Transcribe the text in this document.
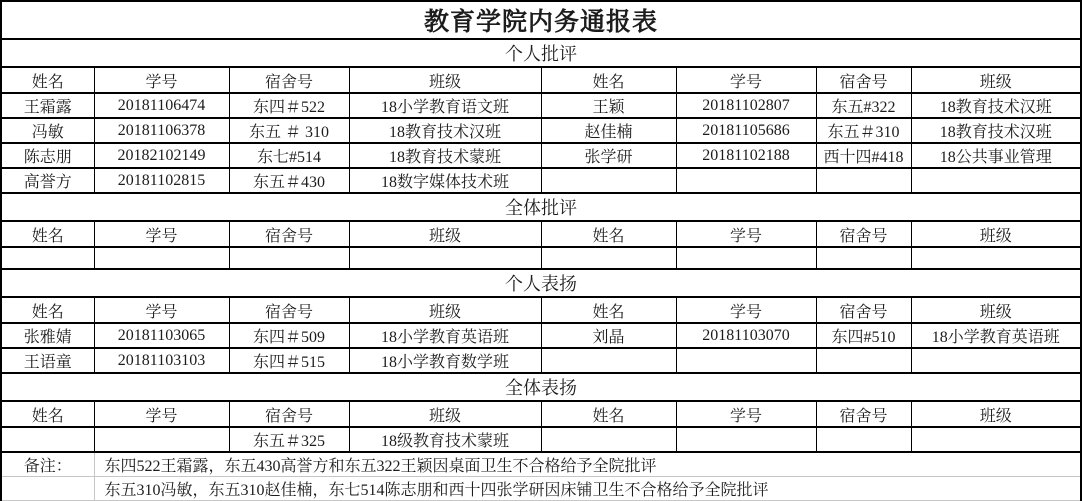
教育学院内务通报表							
个人批评							
姓名	学号	宿舍号	班级	姓名	学号	宿舍号	班级
王霜露	20181106474	东四＃522	18小学教育语文班	王颖	20181102807	东五#322	18教育技术汉班
冯敏	20181106378	东五 ＃ 310	18教育技术汉班	赵佳楠	20181105686	东五＃310	18教育技术汉班
陈志朋	20182102149	东七#514	18教育技术蒙班	张学研	20181102188	西十四#418	18公共事业管理
高誉方	20181102815	东五＃430	18数字媒体技术班				
全体批评							
姓名	学号	宿舍号	班级	姓名	学号	宿舍号	班级

个人表扬							
姓名	学号	宿舍号	班级	姓名	学号	宿舍号	班级
张雅婧	20181103065	东四＃509	18小学教育英语班	刘晶	20181103070	东四#510	18小学教育英语班
王语童	20181103103	东四＃515	18小学教育数学班				
全体表扬							
姓名	学号	宿舍号	班级	姓名	学号	宿舍号	班级
		东五＃325	18级教育技术蒙班				
备注：	东四522王霜露，东五430高誉方和东五322王颖因桌面卫生不合格给予全院批评						
	东五310冯敏，东五310赵佳楠，东七514陈志朋和西十四张学研因床铺卫生不合格给予全院批评						
